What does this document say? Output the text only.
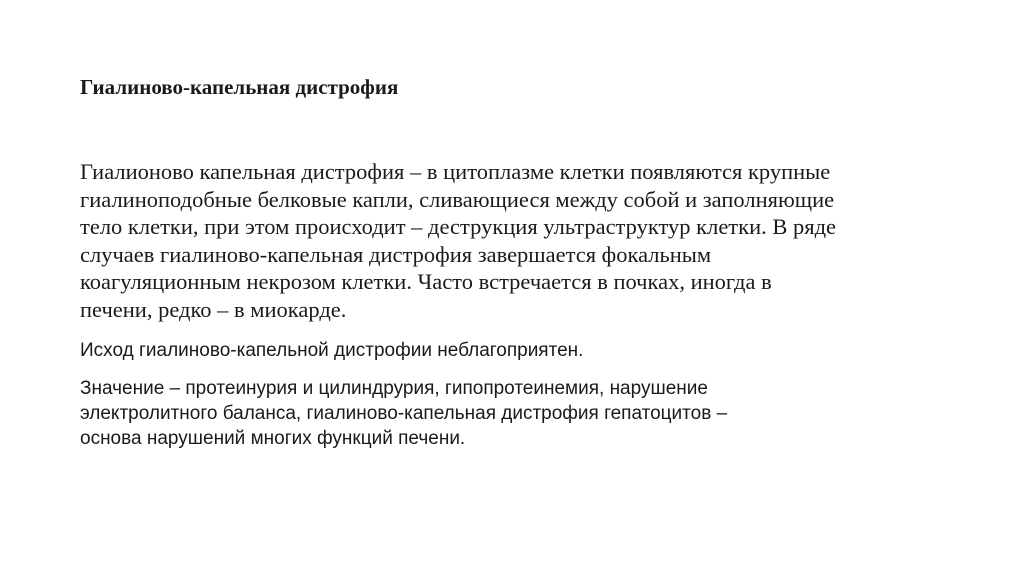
Гиалиново-капельная дистрофия

Гиалионово капельная дистрофия – в цитоплазме клетки появляются крупные
гиалиноподобные белковые капли, сливающиеся между собой и заполняющие
тело клетки, при этом происходит – деструкция ультраструктур клетки. В ряде
случаев гиалиново-капельная дистрофия завершается фокальным
коагуляционным некрозом клетки. Часто встречается в почках, иногда в
печени, редко – в миокарде.

Исход гиалиново-капельной дистрофии неблагоприятен.

Значение – протеинурия и цилиндрурия, гипопротеинемия, нарушение
электролитного баланса, гиалиново-капельная дистрофия гепатоцитов –
основа нарушений многих функций печени.
